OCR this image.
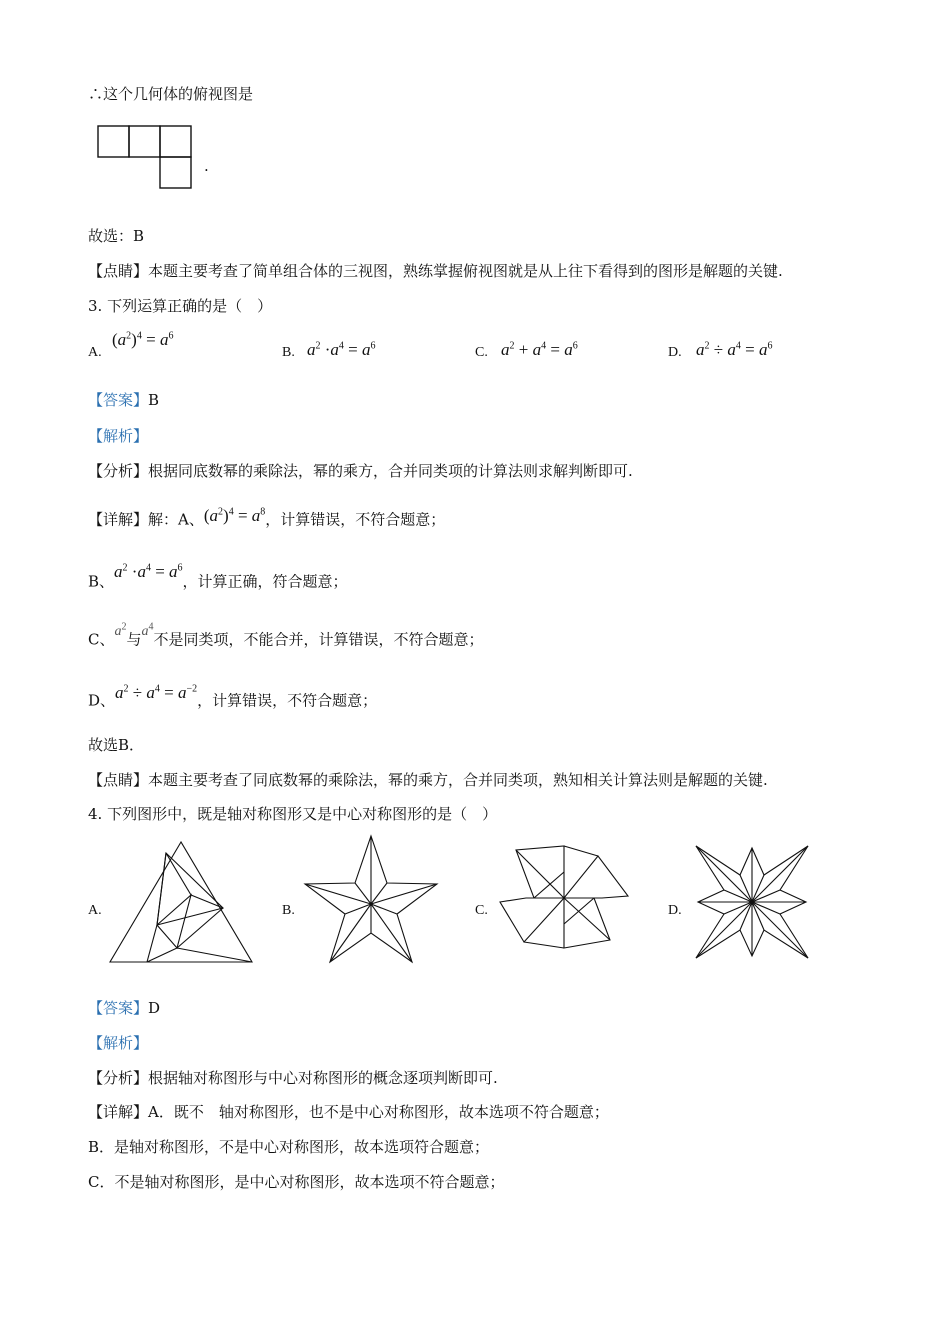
∴这个几何体的俯视图是
.
故选：B
【点睛】本题主要考查了简单组合体的三视图，熟练掌握俯视图就是从上往下看得到的图形是解题的关键.
3. 下列运算正确的是（　）
A.
$(a^2)^4 = a^6$
B. $a^2 \cdot a^4 = a^6$	C. $a^2 + a^4 = a^6$	D. $a^2 \div a^4 = a^6$
【答案】B
【解析】
【分析】根据同底数幂的乘除法，幂的乘方，合并同类项的计算法则求解判断即可.
【详解】解：A、$(a^2)^4 = a^8$，计算错误，不符合题意；
B、$a^2 \cdot a^4 = a^6$，计算正确，符合题意；
C、$a^2$与$a^4$不是同类项，不能合并，计算错误，不符合题意；
D、$a^2 \div a^4 = a^{-2}$，计算错误，不符合题意；
故选B．
【点睛】本题主要考查了同底数幂的乘除法，幂的乘方，合并同类项，熟知相关计算法则是解题的关键.
4. 下列图形中，既是轴对称图形又是中心对称图形的是（　）
A.	B.	C.	D.
【答案】D
【解析】
【分析】根据轴对称图形与中心对称图形的概念逐项判断即可.
【详解】A．既不　轴对称图形，也不是中心对称图形，故本选项不符合题意；
B．是轴对称图形，不是中心对称图形，故本选项符合题意；
C．不是轴对称图形，是中心对称图形，故本选项不符合题意；
